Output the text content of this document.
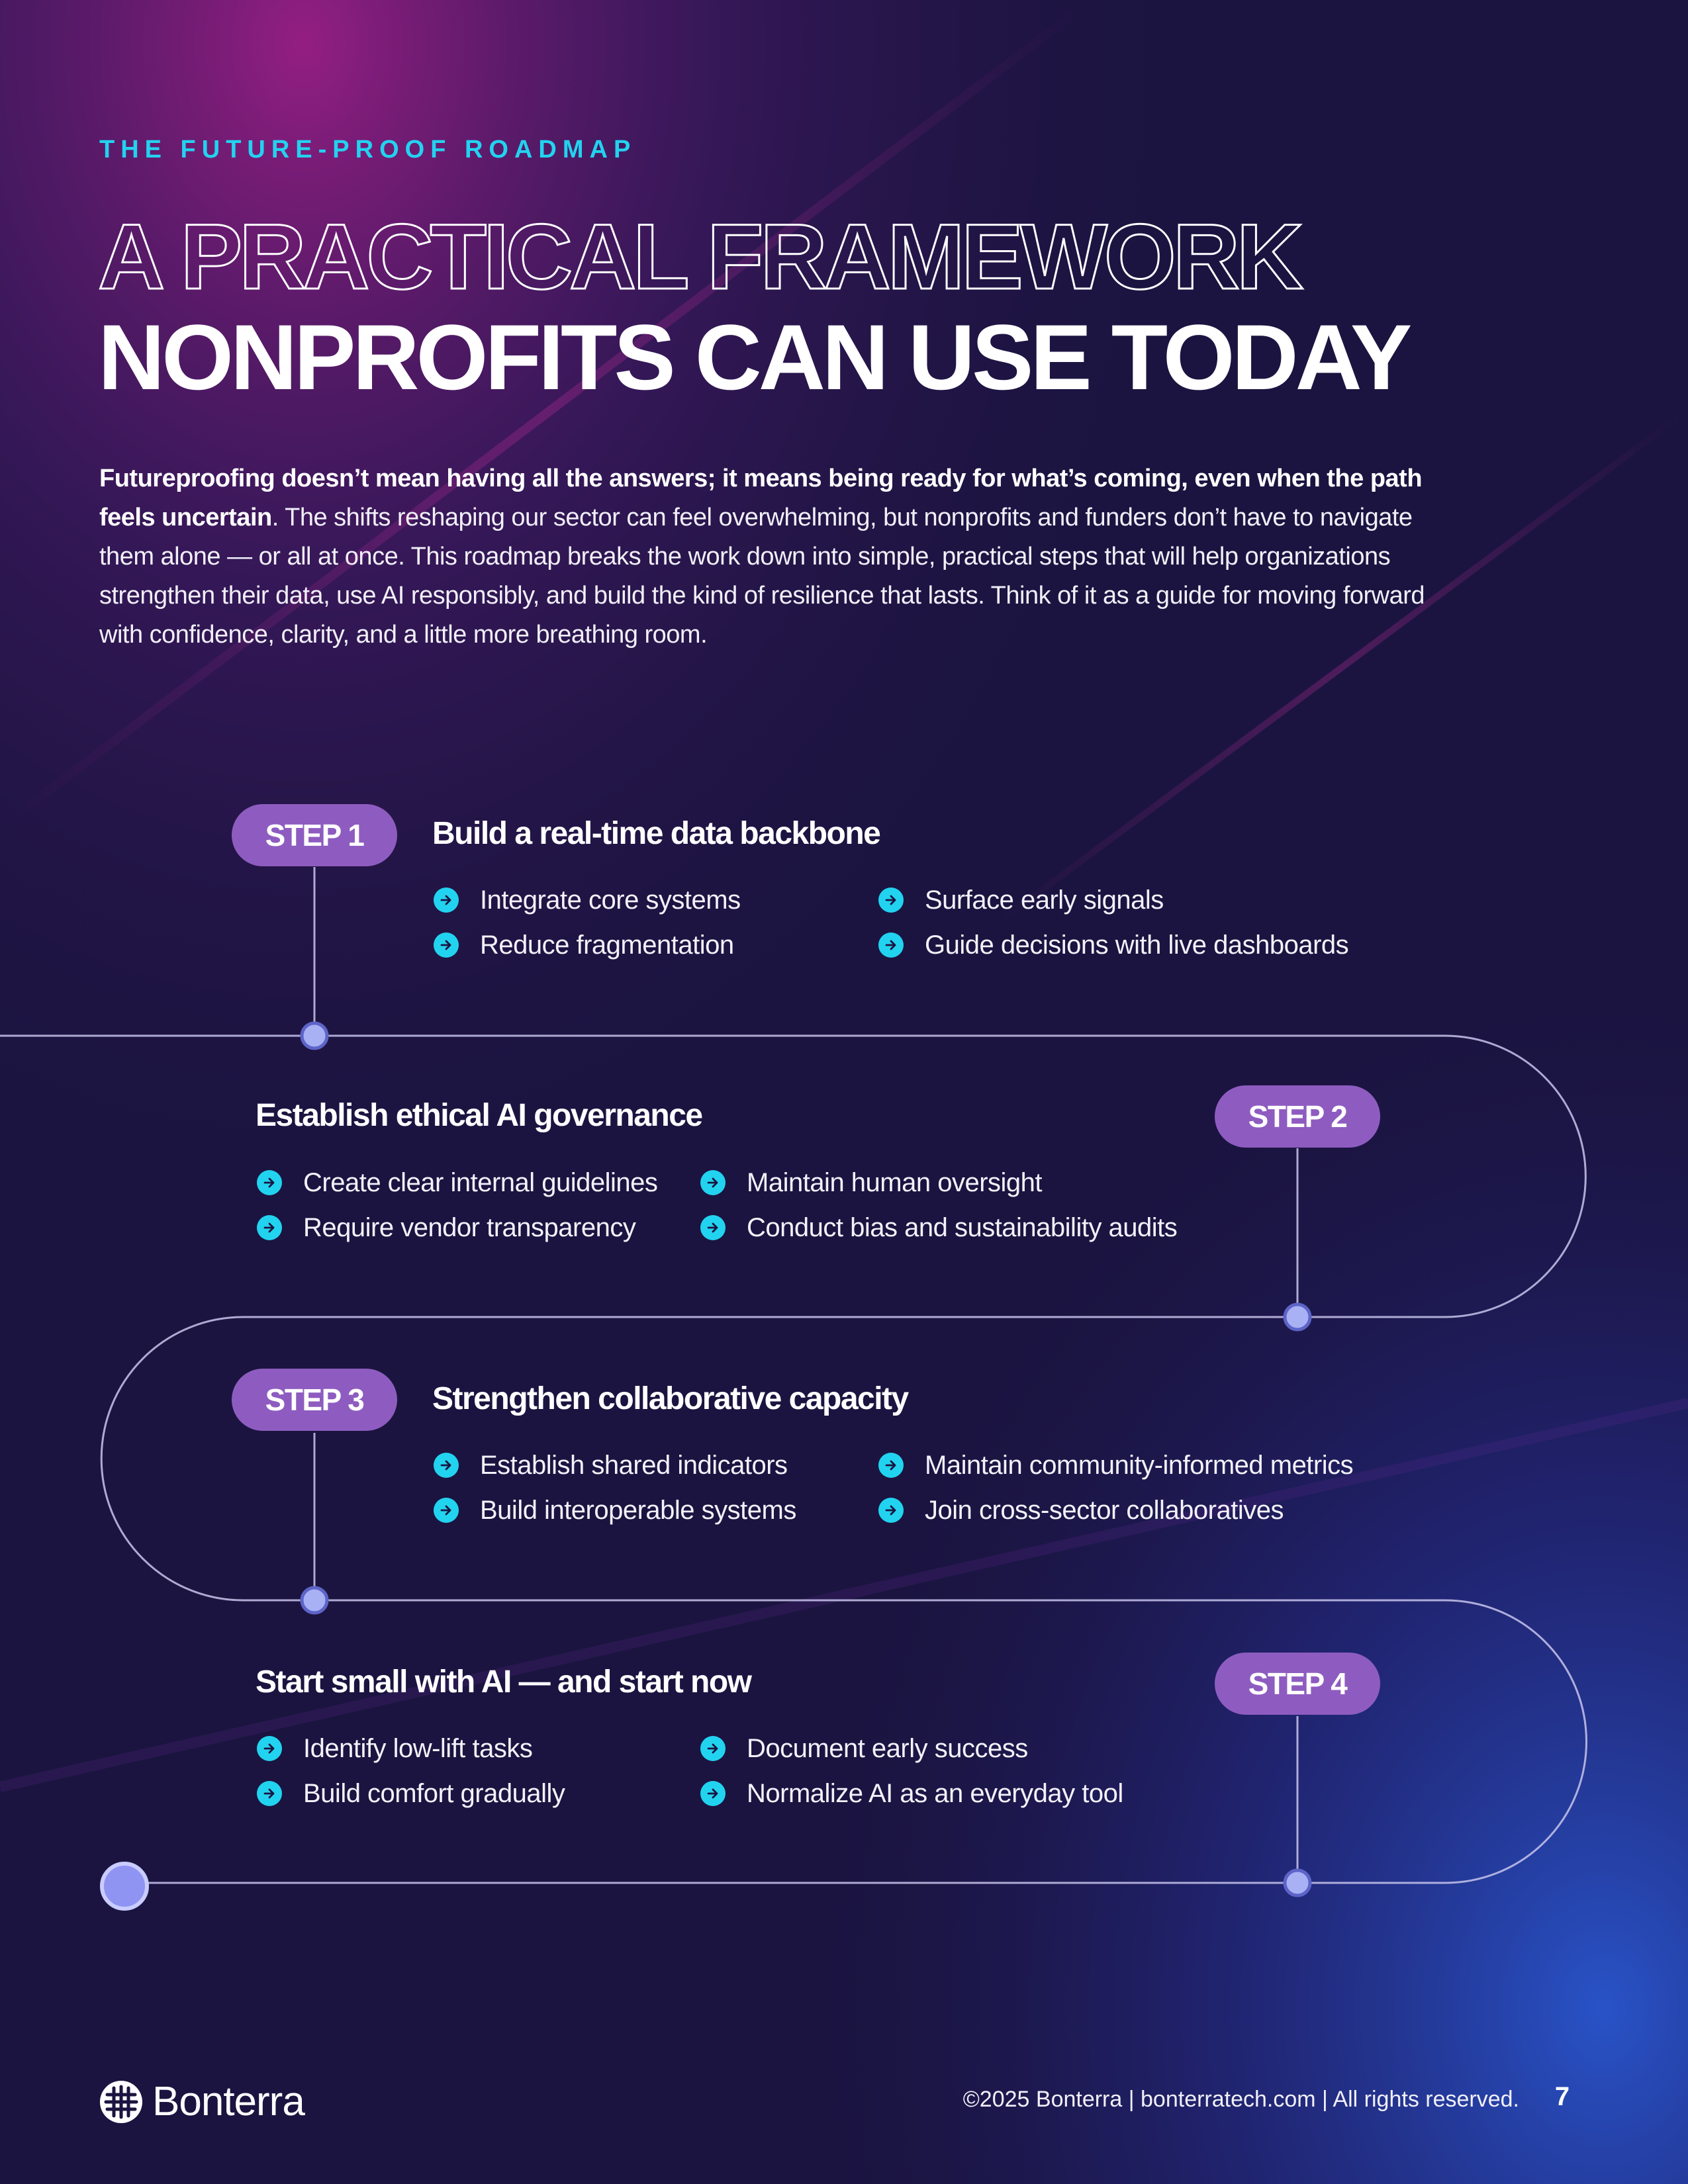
THE FUTURE-PROOF ROADMAP
A PRACTICAL FRAMEWORK
NONPROFITS CAN USE TODAY
Futureproofing doesn’t mean having all the answers; it means being ready for what’s coming, even when the path feels uncertain. The shifts reshaping our sector can feel overwhelming, but nonprofits and funders don’t have to navigate them alone — or all at once. This roadmap breaks the work down into simple, practical steps that will help organizations strengthen their data, use AI responsibly, and build the kind of resilience that lasts. Think of it as a guide for moving forward with confidence, clarity, and a little more breathing room.
STEP 1	Build a real-time data backbone
Integrate core systems
Reduce fragmentation
Surface early signals
Guide decisions with live dashboards
STEP 2
Establish ethical AI governance
Create clear internal guidelines
Require vendor transparency
Maintain human oversight
Conduct bias and sustainability audits
STEP 3	Strengthen collaborative capacity
Establish shared indicators
Build interoperable systems
Maintain community-informed metrics
Join cross-sector collaboratives
STEP 4
Start small with AI — and start now
Identify low-lift tasks
Build comfort gradually
Document early success
Normalize AI as an everyday tool
Bonterra	©2025 Bonterra | bonterratech.com | All rights reserved.	7
